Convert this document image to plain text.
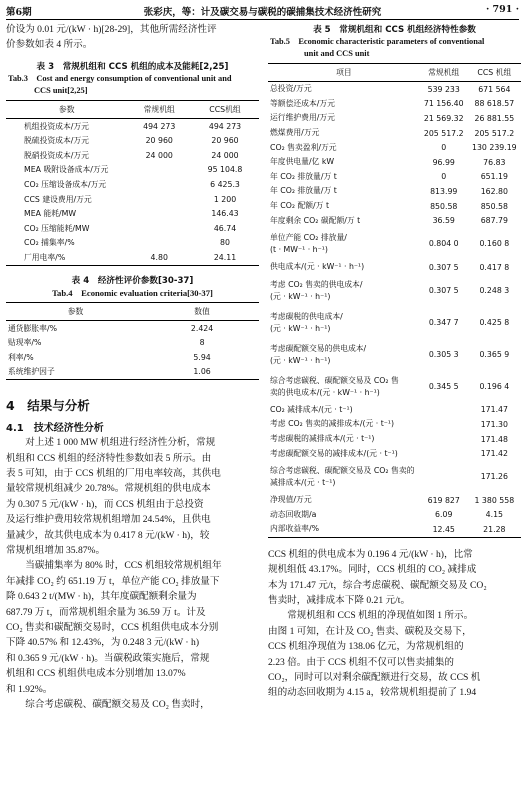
第6期	张彩庆，等：计及碳交易与碳税的碳捕集技术经济性研究	· 791 ·

价设为 0.01 元/(kW · h)[28-29]，其他所需经济性评

价参数如表 4 所示。

表 3　常规机组和 CCS 机组的成本及能耗[2,25]
Tab.3　Cost and energy consumption of conventional unit and
CCS unit[2,25]
参数	常规机组	CCS机组
机组投资成本/万元	494 273	494 273
脱硫投资成本/万元	20 960	20 960
脱硝投资成本/万元	24 000	24 000
MEA 吸附设备成本/万元		95 104.8
CO₂ 压缩设备成本/万元		6 425.3
CCS 建设费用/万元		1 200
MEA 能耗/MW		146.43
CO₂ 压缩能耗/MW		46.74
CO₂ 捕集率/%		80
厂用电率/%	4.80	24.11
表 4　经济性评价参数[30-37]
Tab.4　Economic evaluation criteria[30-37]
参数	数值
通货膨胀率/%	2.424
贴现率/%	8
利率/%	5.94
系统维护因子	1.06

4　结果与分析

4.1　技术经济性分析

对上述 1 000 MW 机组进行经济性分析，常规

机组和 CCS 机组的经济特性参数如表 5 所示。由

表 5 可知，由于 CCS 机组的厂用电率较高，其供电

量较常规机组减少 20.78%。常规机组的供电成本

为 0.307 5 元/(kW · h)，而 CCS 机组由于总投资

及运行维护费用较常规机组增加 24.54%，且供电

量减少，故其供电成本为 0.417 8 元/(kW · h)，较

常规机组增加 35.87%。

当碳捕集率为 80% 时，CCS 机组较常规机组年

年减排 CO₂ 约 651.19 万 t，单位产能 CO₂ 排放量下

降 0.643 2 t/(MW · h)，其年度碳配额剩余量为

687.79 万 t，而常规机组余量为 36.59 万 t。计及

CO₂ 售卖和碳配额交易时，CCS 机组供电成本分别

下降 40.57% 和 12.43%，为 0.248 3 元/(kW · h)

和 0.365 9 元/(kW · h)。当碳税政策实施后，常规

机组和 CCS 机组供电成本分别增加 13.07%

和 1.92%。

综合考虑碳税、碳配额交易及 CO₂ 售卖时，

表 5　常规机组和 CCS 机组经济特性参数
Tab.5　Economic characteristic parameters of conventional
unit and CCS unit
项目	常规机组	CCS 机组

总投资/万元	539 233	671 564

等额偿还成本/万元	71 156.40	88 618.57

运行维护费用/万元	21 569.32	26 881.55

燃煤费用/万元	205 517.2	205 517.2

CO₂ 售卖盈利/万元	0	130 239.19

年度供电量/亿 kW	96.99	76.83

年 CO₂ 排放量/万 t	0	651.19

年 CO₂ 排放量/万 t	813.99	162.80

年 CO₂ 配额/万 t	850.58	850.58

年度剩余 CO₂ 碳配额/万 t	36.59	687.79

单位产能 CO₂ 排放量/
(t · MW⁻¹ · h⁻¹)	0.804 0	0.160 8

供电成本/(元 · kW⁻¹ · h⁻¹)	0.307 5	0.417 8

考虑 CO₂ 售卖的供电成本/
(元 · kW⁻¹ · h⁻¹)	0.307 5	0.248 3

考虑碳税的供电成本/
(元 · kW⁻¹ · h⁻¹)	0.347 7	0.425 8

考虑碳配额交易的供电成本/
(元 · kW⁻¹ · h⁻¹)	0.305 3	0.365 9

综合考虑碳税、碳配额交易及 CO₂ 售
卖的供电成本/(元 · kW⁻¹ · h⁻¹)	0.345 5	0.196 4

CO₂ 减排成本/(元 · t⁻¹)		171.47

考虑 CO₂ 售卖的减排成本/(元 · t⁻¹)		171.30

考虑碳税的减排成本/(元 · t⁻¹)		171.48

考虑碳配额交易的减排成本/(元 · t⁻¹)		171.42

综合考虑碳税、碳配额交易及 CO₂ 售卖的
减排成本/(元 · t⁻¹)		171.26

净现值/万元	619 827	1 380 558

动态回收期/a	6.09	4.15

内部收益率/%	12.45	21.28

CCS 机组的供电成本为 0.196 4 元/(kW · h)，比常

规机组低 43.17%。同时，CCS 机组的 CO₂ 减排成

本为 171.47 元/t，综合考虑碳税、碳配额交易及 CO₂

售卖时，减排成本下降 0.21 元/t。

常规机组和 CCS 机组的净现值如图 1 所示。

由图 1 可知，在计及 CO₂ 售卖、碳税及交易下，

CCS 机组净现值为 138.06 亿元，为常规机组的

2.23 倍。由于 CCS 机组不仅可以售卖捕集的

CO₂，同时可以对剩余碳配额进行交易，故 CCS 机

组的动态回收期为 4.15 a，较常规机组提前了 1.94
